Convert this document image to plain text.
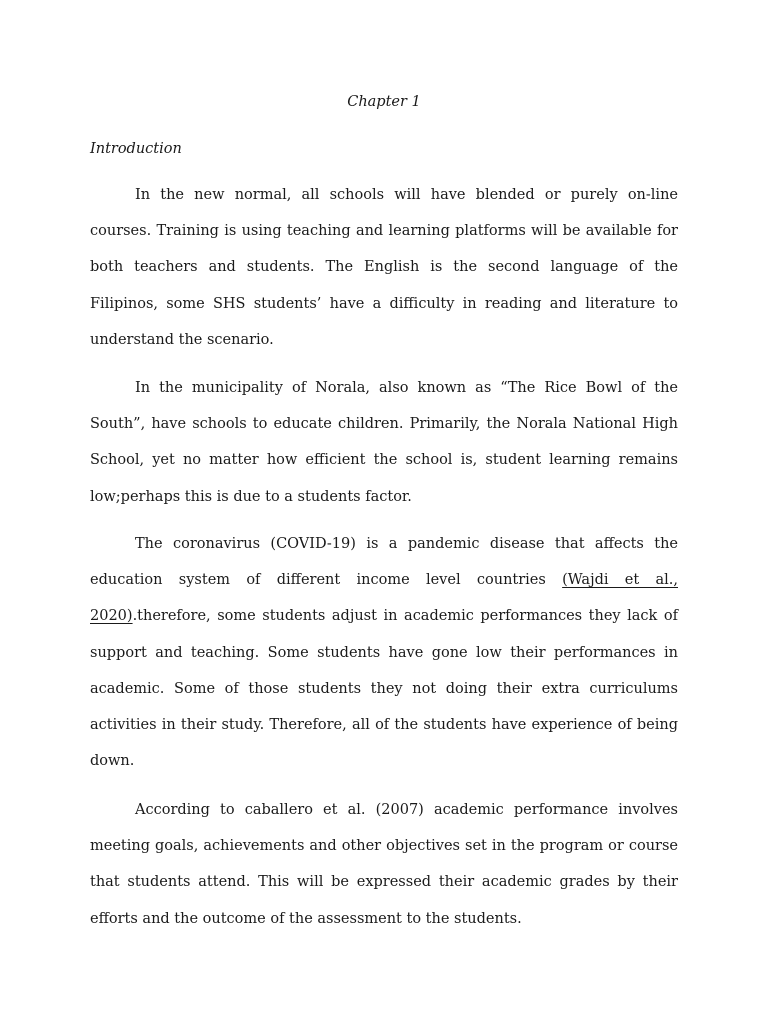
Chapter 1
Introduction

In the new normal, all schools will have blended or purely on-line courses. Training is using teaching and learning platforms will be available for both teachers and students. The English is the second language of the Filipinos, some SHS students’ have a difficulty in reading and literature to understand the scenario.

In the municipality of Norala, also known as “The Rice Bowl of the South”, have schools to educate children. Primarily, the Norala National High School, yet no matter how efficient the school is, student learning remains low;perhaps this is due to a students factor.

The coronavirus (COVID-19) is a pandemic disease that affects the education system of different income level countries (Wajdi et al., 2020).therefore, some students adjust in academic performances they lack of support and teaching. Some students have gone low their performances in academic. Some of those students they not doing their extra curriculums activities in their study. Therefore, all of the students have experience of being down.

According to caballero et al. (2007) academic performance involves meeting goals, achievements and other objectives set in the program or course that students attend. This will be expressed their academic grades by their efforts and the outcome of the assessment to the students.
